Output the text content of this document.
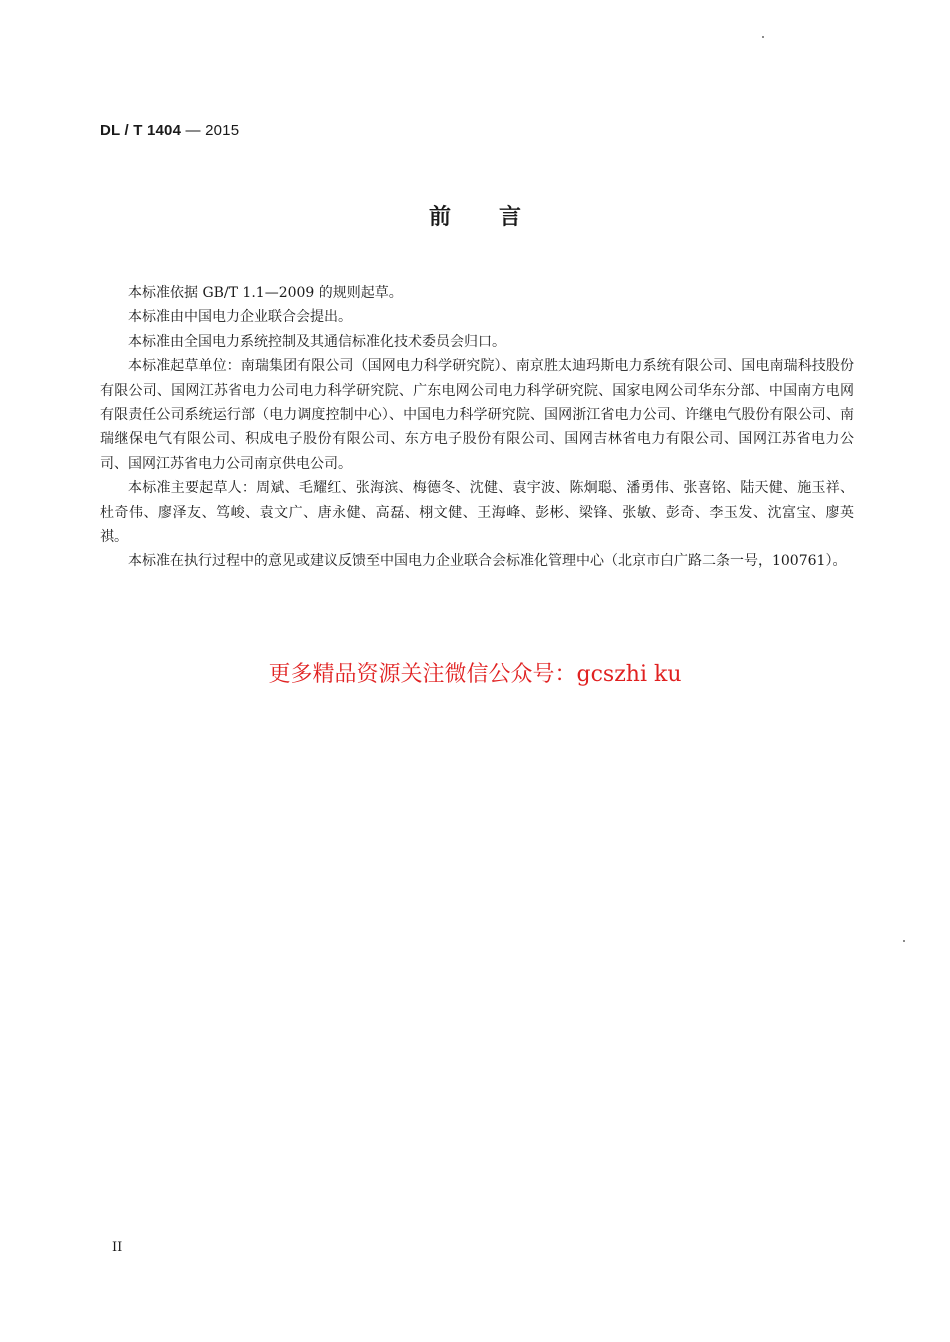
DL / T 1404 — 2015
前言

本标准依据 GB/T 1.1—2009 的规则起草。

本标准由中国电力企业联合会提出。

本标准由全国电力系统控制及其通信标准化技术委员会归口。

本标准起草单位：南瑞集团有限公司（国网电力科学研究院）、南京胜太迪玛斯电力系统有限公司、国电南瑞科技股份有限公司、国网江苏省电力公司电力科学研究院、广东电网公司电力科学研究院、国家电网公司华东分部、中国南方电网有限责任公司系统运行部（电力调度控制中心）、中国电力科学研究院、国网浙江省电力公司、许继电气股份有限公司、南瑞继保电气有限公司、积成电子股份有限公司、东方电子股份有限公司、国网吉林省电力有限公司、国网江苏省电力公司、国网江苏省电力公司南京供电公司。

本标准主要起草人：周斌、毛耀红、张海滨、梅德冬、沈健、袁宇波、陈炯聪、潘勇伟、张喜铭、陆天健、施玉祥、杜奇伟、廖泽友、笃峻、袁文广、唐永健、高磊、栩文健、王海峰、彭彬、梁锋、张敏、彭奇、李玉发、沈富宝、廖英祺。

本标准在执行过程中的意见或建议反馈至中国电力企业联合会标准化管理中心（北京市白广路二条一号，100761）。

更多精品资源关注微信公众号：gcszhi ku
II
